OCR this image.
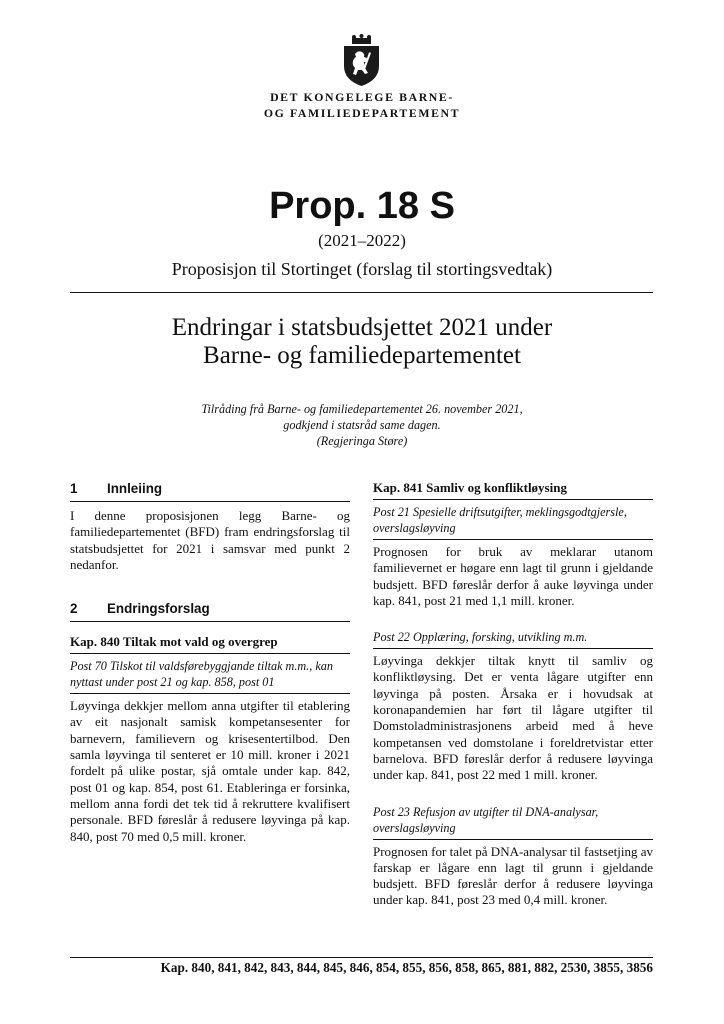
DET KONGELEGE BARNE-
OG FAMILIEDEPARTEMENT
Prop. 18 S
(2021–2022)
Proposisjon til Stortinget (forslag til stortingsvedtak)
Endringar i statsbudsjettet 2021 under
Barne- og familiedepartementet
Tilråding frå Barne- og familiedepartementet 26. november 2021,
godkjend i statsråd same dagen.
(Regjeringa Støre)
1	Innleiing

I denne proposisjonen legg Barne- og familiedepartementet (BFD) fram endringsforslag til statsbudsjettet for 2021 i samsvar med punkt 2 nedanfor.

2	Endringsforslag
Kap. 840 Tiltak mot vald og overgrep
Post 70 Tilskot til valdsførebyggjande tiltak m.m., kan nyttast under post 21 og kap. 858, post 01

Løyvinga dekkjer mellom anna utgifter til etablering av eit nasjonalt samisk kompetansesenter for barnevern, familievern og krisesentertilbod. Den samla løyvinga til senteret er 10 mill. kroner i 2021 fordelt på ulike postar, sjå omtale under kap. 842, post 01 og kap. 854, post 61. Etableringa er forsinka, mellom anna fordi det tek tid å rekruttere kvalifisert personale. BFD føreslår å redusere løyvinga på kap. 840, post 70 med 0,5 mill. kroner.

Kap. 841 Samliv og konfliktløysing
Post 21 Spesielle driftsutgifter, meklingsgodtgjersle, overslagsløyving

Prognosen for bruk av meklarar utanom familievernet er høgare enn lagt til grunn i gjeldande budsjett. BFD føreslår derfor å auke løyvinga under kap. 841, post 21 med 1,1 mill. kroner.

Post 22 Opplæring, forsking, utvikling m.m.

Løyvinga dekkjer tiltak knytt til samliv og konfliktløysing. Det er venta lågare utgifter enn løyvinga på posten. Årsaka er i hovudsak at koronapandemien har ført til lågare utgifter til Domstoladministrasjonens arbeid med å heve kompetansen ved domstolane i foreldretvistar etter barnelova. BFD føreslår derfor å redusere løyvinga under kap. 841, post 22 med 1 mill. kroner.

Post 23 Refusjon av utgifter til DNA-analysar, overslagsløyving

Prognosen for talet på DNA-analysar til fastsetjing av farskap er lågare enn lagt til grunn i gjeldande budsjett. BFD føreslår derfor å redusere løyvinga under kap. 841, post 23 med 0,4 mill. kroner.

Kap. 840, 841, 842, 843, 844, 845, 846, 854, 855, 856, 858, 865, 881, 882, 2530, 3855, 3856
